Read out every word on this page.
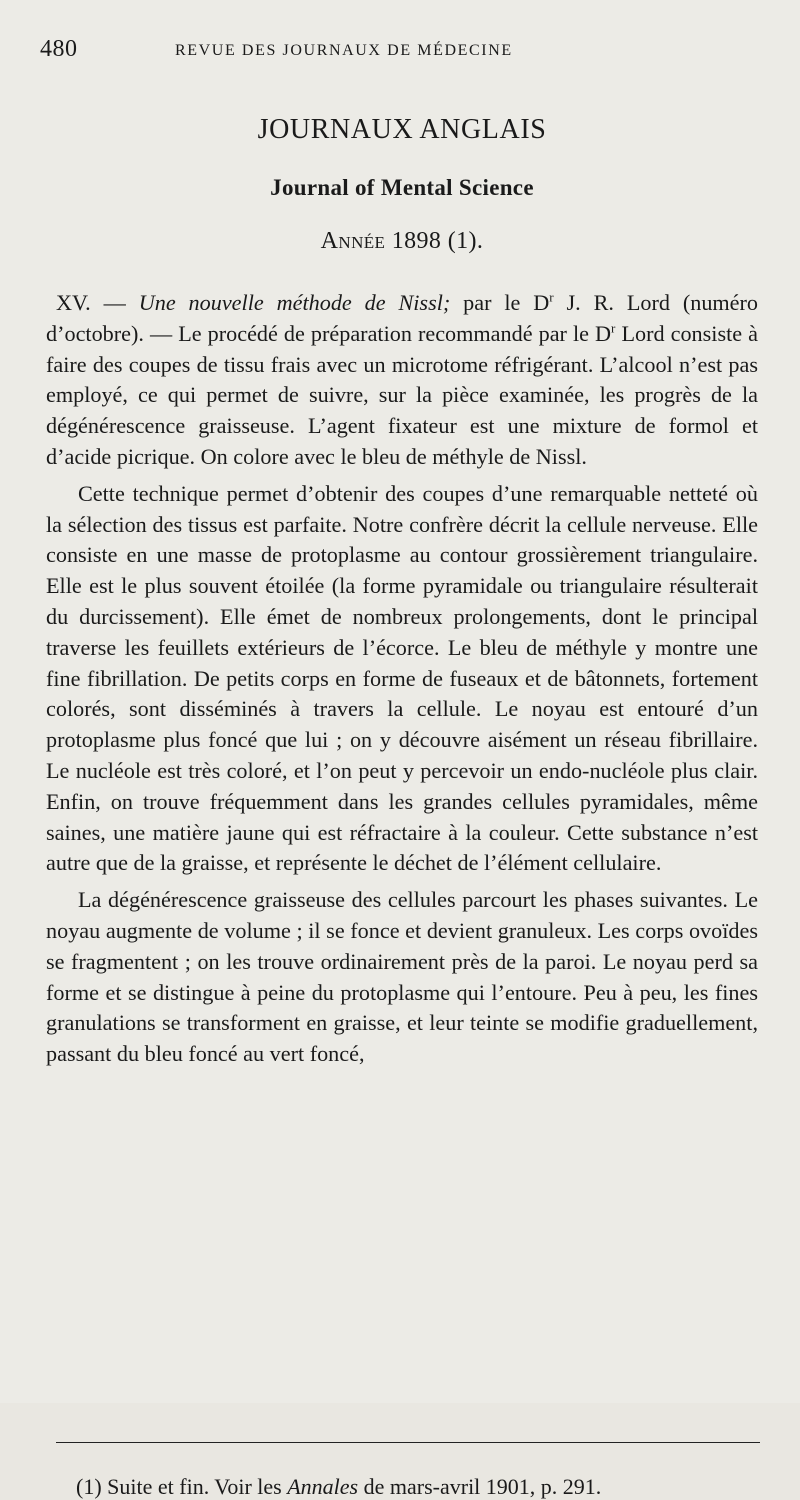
480	REVUE DES JOURNAUX DE MÉDECINE
JOURNAUX ANGLAIS
Journal of Mental Science
Année 1898 (1).

XV. — Une nouvelle méthode de Nissl; par le $D^r$ J. R. Lord (numéro d’octobre). — Le procédé de préparation recommandé par le $D^r$ Lord consiste à faire des coupes de tissu frais avec un microtome réfrigérant. L’alcool n’est pas employé, ce qui permet de suivre, sur la pièce examinée, les progrès de la dégénérescence graisseuse. L’agent fixateur est une mixture de formol et d’acide picrique. On colore avec le bleu de méthyle de Nissl.

Cette technique permet d’obtenir des coupes d’une remarquable netteté où la sélection des tissus est parfaite. Notre confrère décrit la cellule nerveuse. Elle consiste en une masse de protoplasme au contour grossièrement triangulaire. Elle est le plus souvent étoilée (la forme pyramidale ou triangulaire résulterait du durcissement). Elle émet de nombreux prolongements, dont le principal traverse les feuillets extérieurs de l’écorce. Le bleu de méthyle y montre une fine fibrillation. De petits corps en forme de fuseaux et de bâtonnets, fortement colorés, sont disséminés à travers la cellule. Le noyau est entouré d’un protoplasme plus foncé que lui ; on y découvre aisément un réseau fibrillaire. Le nucléole est très coloré, et l’on peut y percevoir un endo-nucléole plus clair. Enfin, on trouve fréquemment dans les grandes cellules pyramidales, même saines, une matière jaune qui est réfractaire à la couleur. Cette substance n’est autre que de la graisse, et représente le déchet de l’élément cellulaire.

La dégénérescence graisseuse des cellules parcourt les phases suivantes. Le noyau augmente de volume ; il se fonce et devient granuleux. Les corps ovoïdes se fragmentent ; on les trouve ordinairement près de la paroi. Le noyau perd sa forme et se distingue à peine du protoplasme qui l’entoure. Peu à peu, les fines granulations se transforment en graisse, et leur teinte se modifie graduellement, passant du bleu foncé au vert foncé,

(1) Suite et fin. Voir les Annales de mars-avril 1901, p. 291.
